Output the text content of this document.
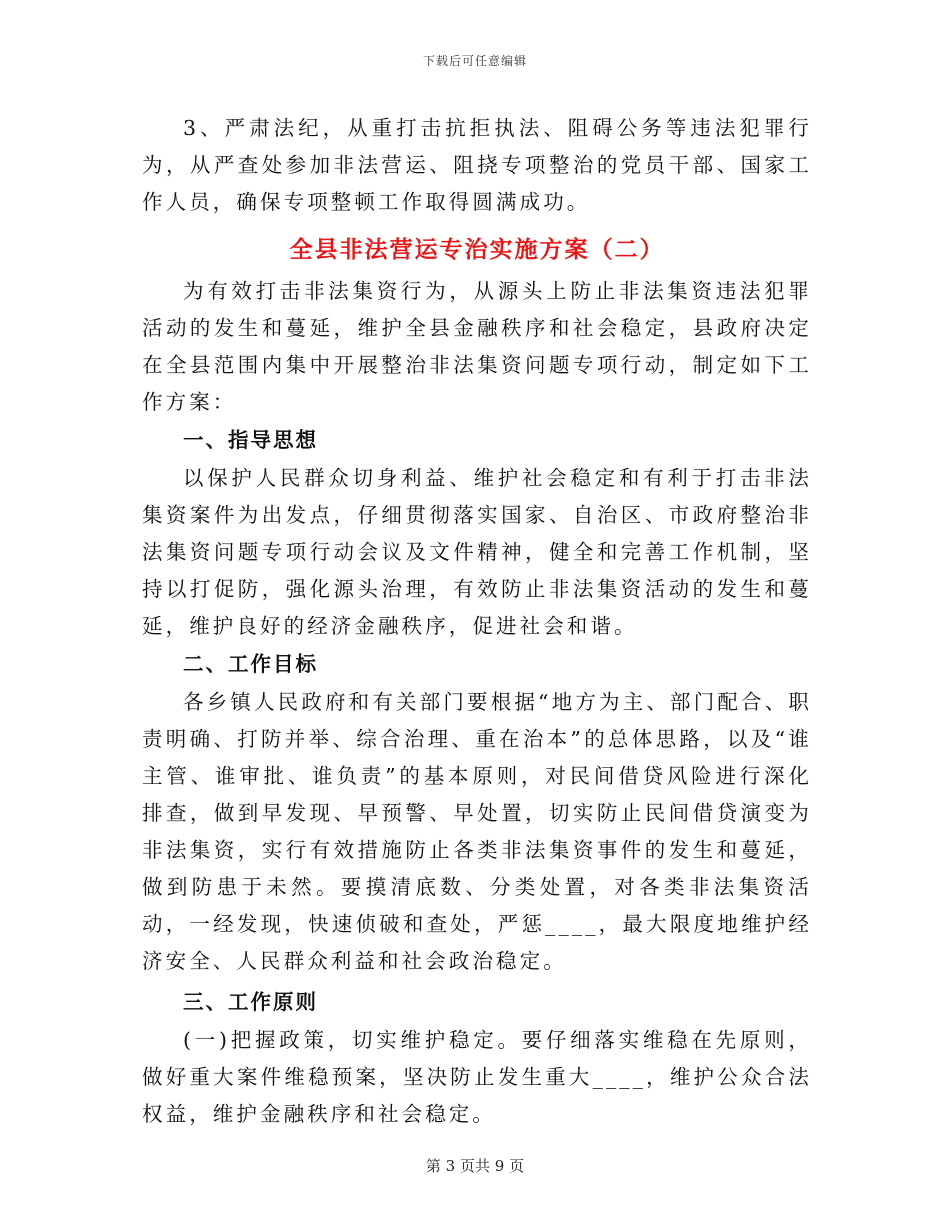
下载后可任意编辑

3、严肃法纪，从重打击抗拒执法、阻碍公务等违法犯罪行为，从严查处参加非法营运、阻挠专项整治的党员干部、国家工作人员，确保专项整顿工作取得圆满成功。

全县非法营运专治实施方案（二）

为有效打击非法集资行为，从源头上防止非法集资违法犯罪活动的发生和蔓延，维护全县金融秩序和社会稳定，县政府决定在全县范围内集中开展整治非法集资问题专项行动，制定如下工作方案：

一、指导思想

以保护人民群众切身利益、维护社会稳定和有利于打击非法集资案件为出发点，仔细贯彻落实国家、自治区、市政府整治非法集资问题专项行动会议及文件精神，健全和完善工作机制，坚持以打促防，强化源头治理，有效防止非法集资活动的发生和蔓延，维护良好的经济金融秩序，促进社会和谐。

二、工作目标

各乡镇人民政府和有关部门要根据“地方为主、部门配合、职责明确、打防并举、综合治理、重在治本”的总体思路，以及“谁主管、谁审批、谁负责”的基本原则，对民间借贷风险进行深化排查，做到早发现、早预警、早处置，切实防止民间借贷演变为非法集资，实行有效措施防止各类非法集资事件的发生和蔓延，做到防患于未然。要摸清底数、分类处置，对各类非法集资活动，一经发现，快速侦破和查处，严惩____，最大限度地维护经济安全、人民群众利益和社会政治稳定。

三、工作原则

(一)把握政策，切实维护稳定。要仔细落实维稳在先原则，做好重大案件维稳预案，坚决防止发生重大____，维护公众合法权益，维护金融秩序和社会稳定。

第 3 页共 9 页
